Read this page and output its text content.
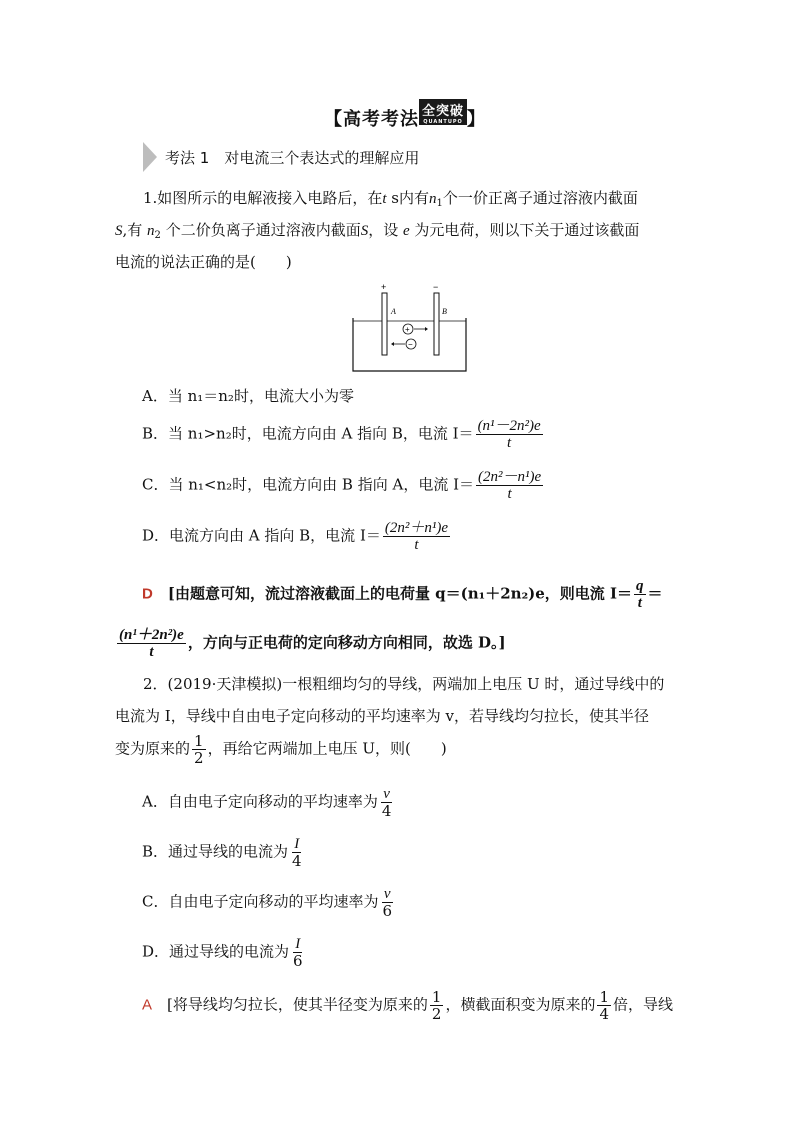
【高考考法 全突破
QUANTUPO 】
考法 1　 对电流三个表达式的理解应用
1.如图所示的电解液接入电路后，在t s内有$n_1$个一价正离子通过溶液内截面
S,有 $n_2$ 个二价负离子通过溶液内截面S，设 e 为元电荷，则以下关于通过该截面
电流的说法正确的是(　　)
+	−
A	B
+
−
A．当 n₁＝n₂时，电流大小为零
B．当 n₁>n₂时，电流方向由 A 指向 B，电流 $I= \frac{\text{(n¹－2n²)e}}{t}$
C．当 n₁<n₂时，电流方向由 B 指向 A，电流 $I= \frac{\text{(2n²－n¹)e}}{t}$
D．电流方向由 A 指向 B，电流 $I= \frac{\text{(2n²＋n¹)e}}{t}$
D　 [由题意可知，流过溶液截面上的电荷量 q＝(n₁＋2n₂)e，则电流 $I= \frac{q}{t}$ ＝
$\frac{\text{(n¹＋2n²)e}}{t}$ ，方向与正电荷的定向移动方向相同，故选 D。]
2．(2019·天津模拟)一根粗细均匀的导线，两端加上电压 U 时，通过导线中的
电流为 I，导线中自由电子定向移动的平均速率为 v，若导线均匀拉长，使其半径
变为原来的 $\frac{1}{2}$ ，再给它两端加上电压 U，则(　　)
A．自由电子定向移动的平均速率为 $\frac{v}{4}$
B．通过导线的电流为 $\frac{I}{4}$
C．自由电子定向移动的平均速率为 $\frac{v}{6}$
D．通过导线的电流为 $\frac{I}{6}$
A　 [将导线均匀拉长，使其半径变为原来的 $\frac{1}{2}$ ，横截面积变为原来的 $\frac{1}{4}$ 倍，导线
